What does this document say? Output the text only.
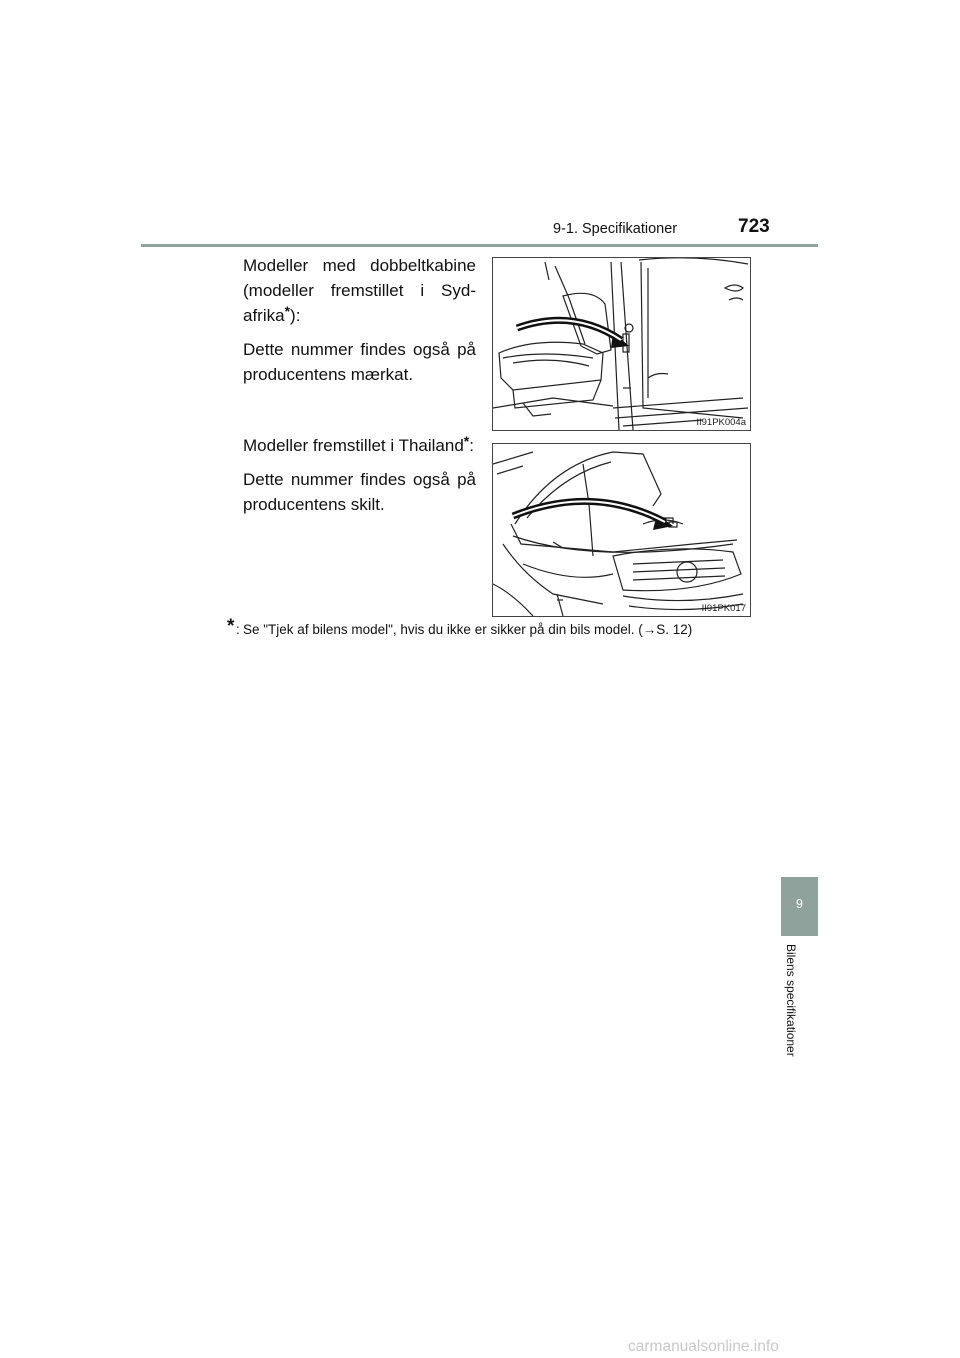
9-1. Specifikationer	723

Modeller med dobbeltkabine (modeller fremstillet i Syd-afrika*):

Dette nummer findes også på producentens mærkat.

II91PK004a

Modeller fremstillet i Thailand*:

Dette nummer findes også på producentens skilt.

II91PK017
* : Se "Tjek af bilens model", hvis du ikke er sikker på din bils model. (→S. 12)
9
Bilens specifikationer
carmanualsonline.info
